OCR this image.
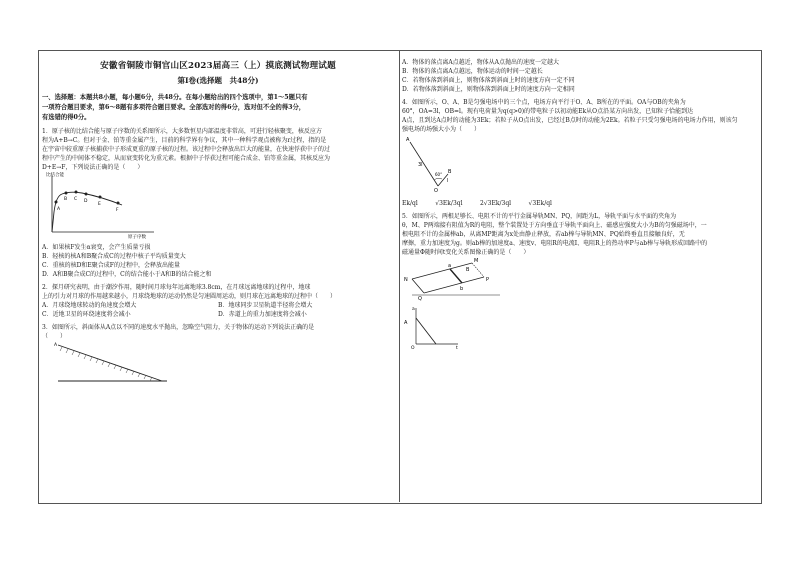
安徽省铜陵市铜官山区2023届高三（上）摸底测试物理试题
第Ⅰ卷(选择题　共48分)

一、选择题：本题共8小题，每小题6分，共48分。在每小题给出的四个选项中，第1～5题只有

一项符合题目要求，第6～8题有多项符合题目要求。全部选对的得6分，选对但不全的得3分，

有选错的得0分。

1．原子核的比结合能与原子序数的关系图所示，大多数恒星内部温度非常高，可进行轻核聚变，核反应方

程为A+B→C。但对于金、铂等重金属产生，目前的科学界有争议，其中一种科学观点被称为r过程，指的是

在宇宙中较重原子核捕获中子形成更重的原子核的过程。该过程中会释放出巨大的能量，在快速俘获中子的过

程中产生的中间体不稳定，从而衰变转化为重元素。根据中子俘获过程可能合成金、铂等重金属，其核反应为

D+E→F，下列说法正确的是（　　）

比结合能
原子序数
A
B C D
E
F

A．如果核F发生α衰变，会产生质量亏损

B．轻核的核A和B聚合成C的过程中核子平均质量变大

C．重核的核D和E聚合成F的过程中，会释放出能量

D．A和B聚合成C的过程中，C的结合能小于A和B的结合能之和

2．探月研究表明，由于潮汐作用，随时间月球每年远离地球3.8cm，在月球远离地球的过程中，地球

上的引力对月球的作用越来越小，月球绕地球的运动仍然是匀速圆周运动，则月球在远离地球的过程中（　　）

A．月球绕地球转动的角速度会增大	B．地球同步卫星轨道半径将会增大
C．近地卫星的环绕速度将会减小	D．赤道上的重力加速度将会减小

3．如图所示，斜面体从A点以不同的速度水平抛出，忽略空气阻力，关于物体的运动下列说法正确的是

（　　）

A

A．物体的落点离A点越近，物体从A点抛出的速度一定越大

B．物体的落点离A点越远，物体运动的时间一定越长

C．若物体落到斜面上，则物体落到斜面上时的速度方向一定不同

D．若物体落到斜面上，则物体落到斜面上时的速度方向一定相同

4．如图所示，O、A、B是匀强电场中的三个点，电场方向平行于O、A、B所在的平面。OA与OB的夹角为

60°，OA=3l，OB=l。现有电荷量为q(q>0)的带电粒子以初动能Ek从O点沿某方向出发，已知粒子恰能到达

A点，且到达A点时的动能为3Ek；若粒子从O点出发，已经过B点时的动能为2Ek。若粒子只受匀强电场的电场力作用，则该匀

强电场的场强大小为（　　）

A
3l
60°
l
O
B
Ek/ql	√3Ek/3ql	2√3Ek/3ql	√3Ek/ql

5．如图所示，两根足够长、电阻不计的平行金属导轨MN、PQ，间距为L，导轨平面与水平面的夹角为

θ，M、P两端接有阻值为R的电阻，整个装置处于方向垂直于导轨平面向上、磁感应强度大小为B的匀强磁场中，一

根电阻不计的金属棒ab，从离MP距离为x处由静止释放，若ab棒与导轨MN、PQ始终垂直且接触良好，无

摩擦，重力加速度为g。则ab棒的加速度a、速度v、电阻R的电流I、电阻R上的热功率P与ab棒与导轨形成回路中的

磁通量Φ随时间t变化关系图像正确的是（　　）

N
Q
a
b
B
M
P
A
a
t
O
